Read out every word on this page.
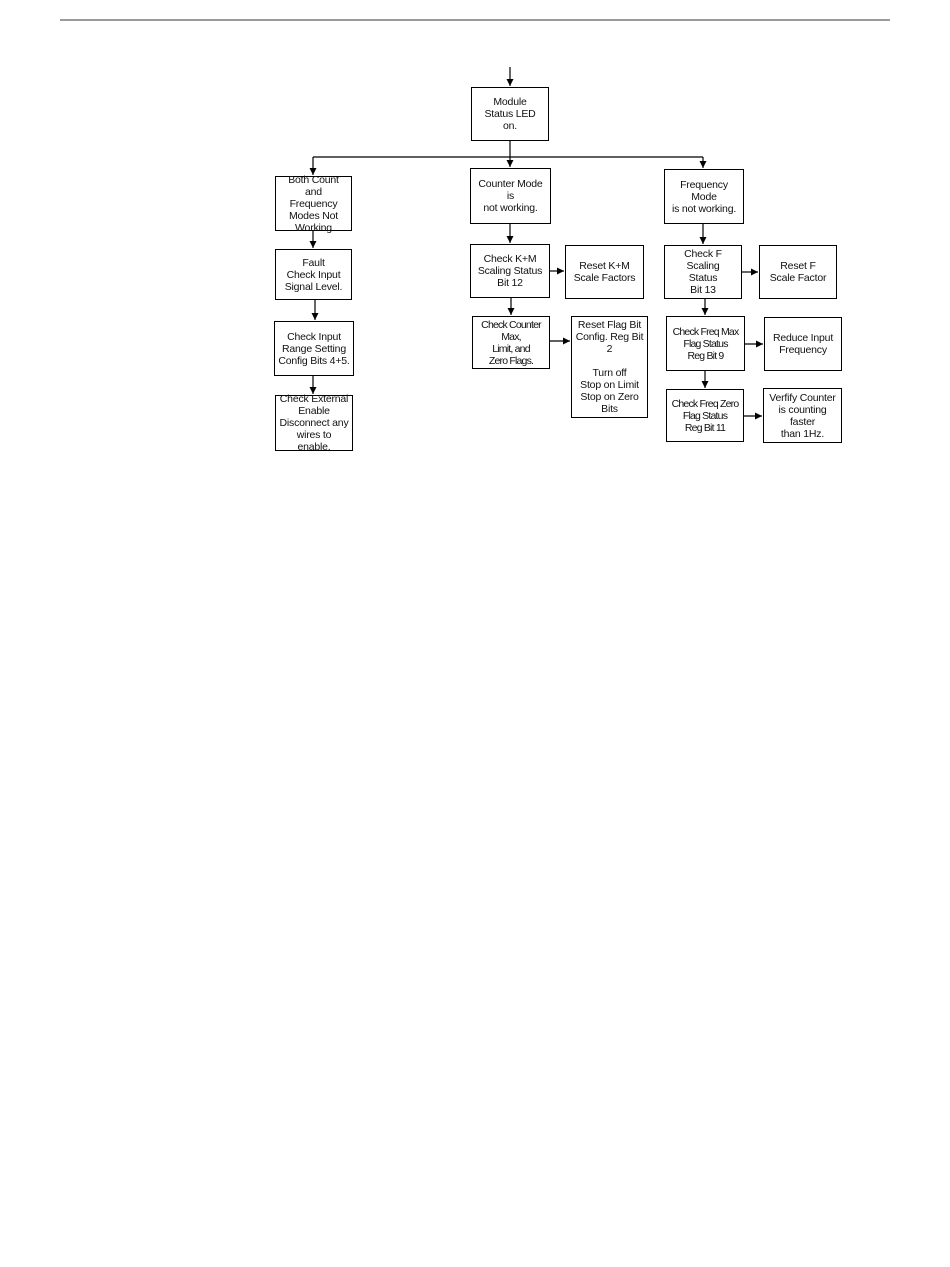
Module
Status LED
on.
Both Count and
Frequency
Modes Not
Working
Fault
Check Input
Signal Level.
Check Input
Range Setting
Config Bits 4+5.
Check External
Enable
Disconnect any
wires to enable.
Counter Mode is
not working.
Check K+M
Scaling Status
Bit 12
Reset K+M
Scale Factors
Check Counter Max,
Limit, and
Zero Flags.
Reset Flag Bit
Config. Reg Bit 2

Turn off
Stop on Limit
Stop on Zero
Bits
Frequency Mode
is not working.
Check F Scaling
Status
Bit 13
Reset F
Scale Factor
Check Freq Max
Flag Status
Reg Bit 9
Reduce Input
Frequency
Check Freq Zero
Flag Status
Reg Bit 11
Verfify Counter
is counting faster
than 1Hz.
